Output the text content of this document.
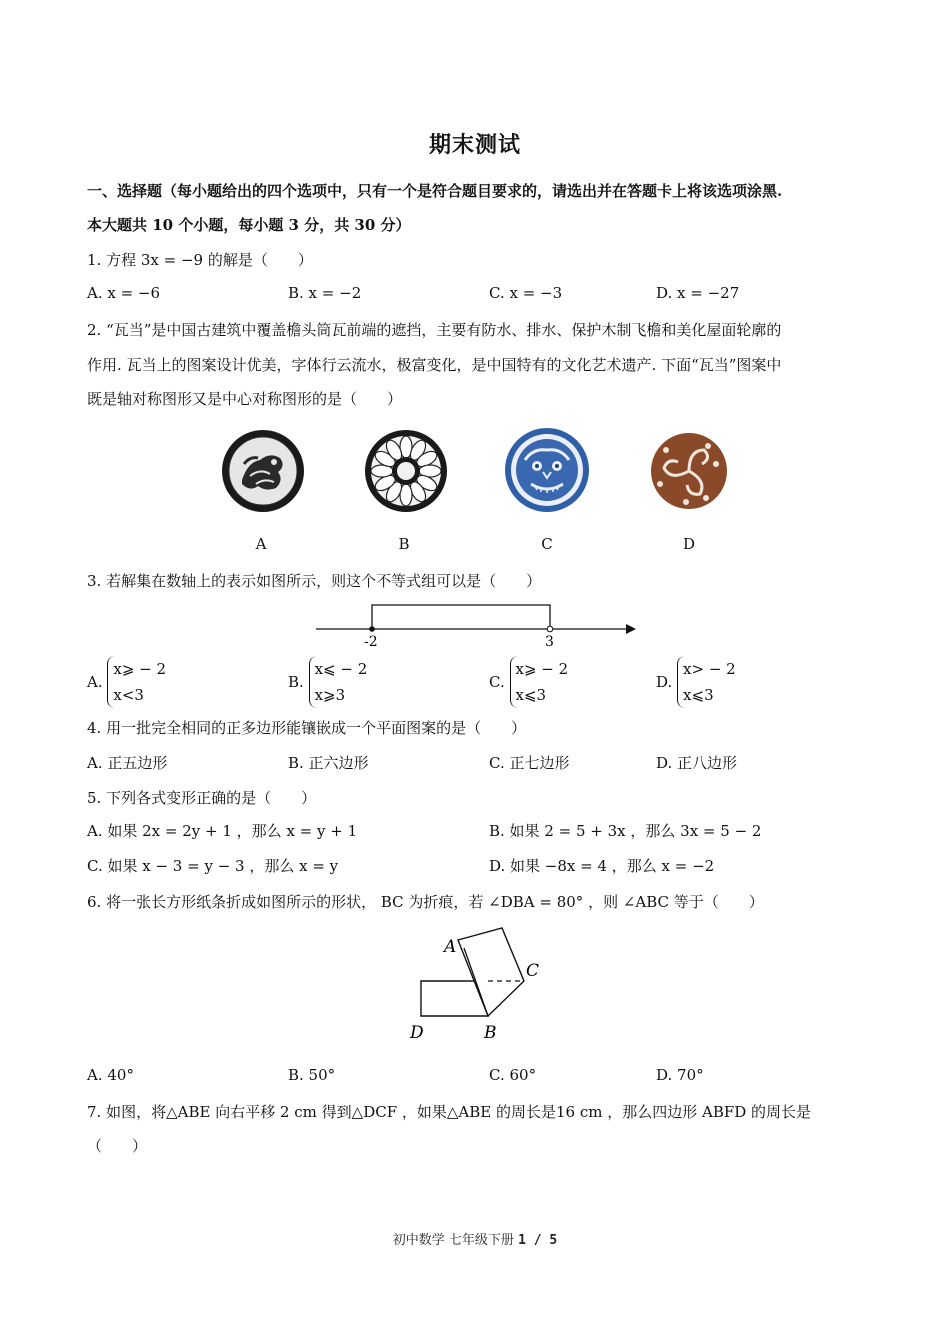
期末测试
一、选择题（每小题给出的四个选项中，只有一个是符合题目要求的，请选出并在答题卡上将该选项涂黑.
本大题共 10 个小题，每小题 3 分，共 30 分）
1. 方程 3x = −9 的解是（　　）
A. x = −6	B. x = −2	C. x = −3	D. x = −27
2. “瓦当”是中国古建筑中覆盖檐头筒瓦前端的遮挡，主要有防水、排水、保护木制飞檐和美化屋面轮廓的
作用. 瓦当上的图案设计优美，字体行云流水，极富变化，是中国特有的文化艺术遗产. 下面“瓦当”图案中
既是轴对称图形又是中心对称图形的是（　　）
A	B	C	D
3. 若解集在数轴上的表示如图所示，则这个不等式组可以是（　　）
-2	3
A.
x⩾ − 2
x<3
B.
x⩽ − 2
x⩾3
C.
x⩾ − 2
x⩽3
D.
x> − 2
x⩽3
4. 用一批完全相同的正多边形能镶嵌成一个平面图案的是（　　）
A. 正五边形	B. 正六边形	C. 正七边形	D. 正八边形
5. 下列各式变形正确的是（　　）
A. 如果 2x = 2y + 1 ，那么 x = y + 1	B. 如果 2 = 5 + 3x ，那么 3x = 5 − 2
C. 如果 x − 3 = y − 3 ，那么 x = y	D. 如果 −8x = 4 ，那么 x = −2
6. 将一张长方形纸条折成如图所示的形状， BC 为折痕，若 ∠DBA = 80° ，则 ∠ABC 等于（　　）
A
C
D	B
A. 40°	B. 50°	C. 60°	D. 70°
7. 如图，将△ABE 向右平移 2 cm 得到△DCF ，如果△ABE 的周长是16 cm ，那么四边形 ABFD 的周长是
（　　）
初中数学 七年级下册 1 / 5
